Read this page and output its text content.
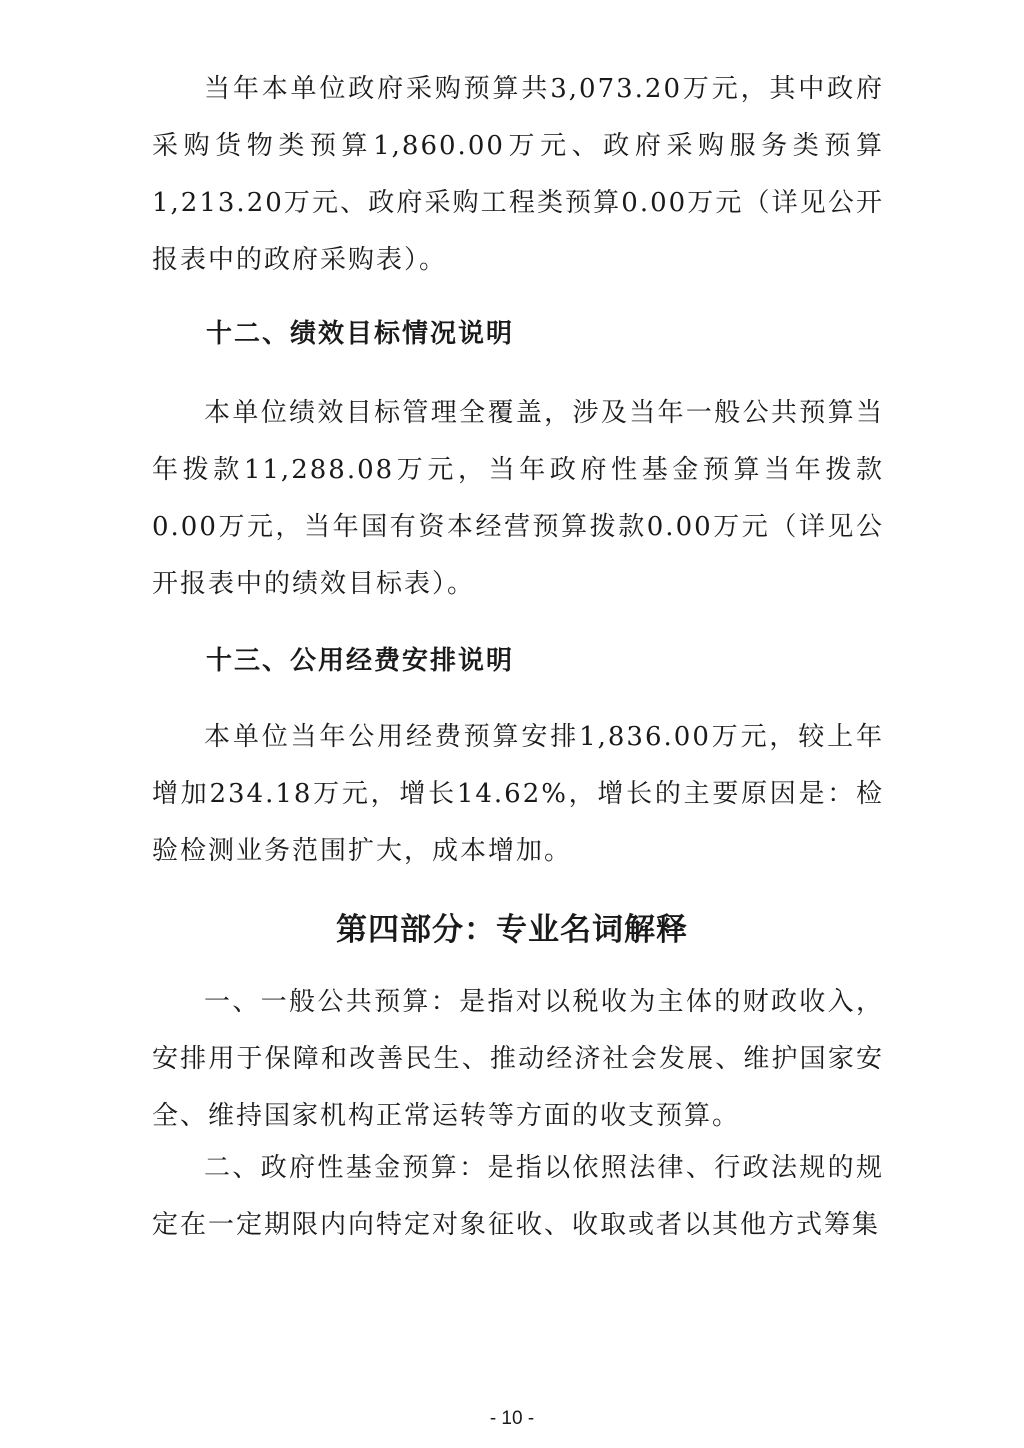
当年本单位政府采购预算共3,073.20万元，其中政府采购货物类预算1,860.00万元、政府采购服务类预算1,213.20万元、政府采购工程类预算0.00万元（详见公开报表中的政府采购表）。

十二、绩效目标情况说明

本单位绩效目标管理全覆盖，涉及当年一般公共预算当年拨款11,288.08万元，当年政府性基金预算当年拨款0.00万元，当年国有资本经营预算拨款0.00万元（详见公开报表中的绩效目标表）。

十三、公用经费安排说明

本单位当年公用经费预算安排1,836.00万元，较上年增加234.18万元，增长14.62%，增长的主要原因是：检验检测业务范围扩大，成本增加。

第四部分：专业名词解释

一、一般公共预算：是指对以税收为主体的财政收入，安排用于保障和改善民生、推动经济社会发展、维护国家安全、维持国家机构正常运转等方面的收支预算。

二、政府性基金预算：是指以依照法律、行政法规的规定在一定期限内向特定对象征收、收取或者以其他方式筹集

- 10 -
